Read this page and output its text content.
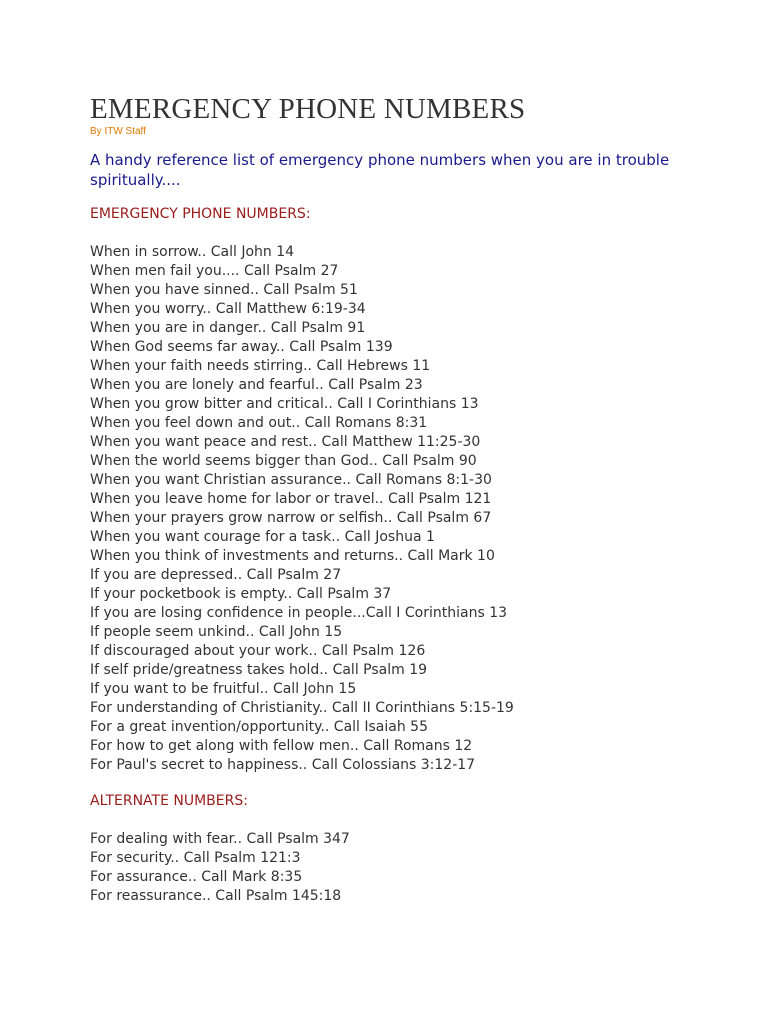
EMERGENCY PHONE NUMBERS
By ITW Staff
A handy reference list of emergency phone numbers when you are in trouble spiritually....
EMERGENCY PHONE NUMBERS:
When in sorrow.. Call John 14
When men fail you.... Call Psalm 27
When you have sinned.. Call Psalm 51
When you worry.. Call Matthew 6:19-34
When you are in danger.. Call Psalm 91
When God seems far away.. Call Psalm 139
When your faith needs stirring.. Call Hebrews 11
When you are lonely and fearful.. Call Psalm 23
When you grow bitter and critical.. Call I Corinthians 13
When you feel down and out.. Call Romans 8:31
When you want peace and rest.. Call Matthew 11:25-30
When the world seems bigger than God.. Call Psalm 90
When you want Christian assurance.. Call Romans 8:1-30
When you leave home for labor or travel.. Call Psalm 121
When your prayers grow narrow or selfish.. Call Psalm 67
When you want courage for a task.. Call Joshua 1
When you think of investments and returns.. Call Mark 10
If you are depressed.. Call Psalm 27
If your pocketbook is empty.. Call Psalm 37
If you are losing confidence in people...Call I Corinthians 13
If people seem unkind.. Call John 15
If discouraged about your work.. Call Psalm 126
If self pride/greatness takes hold.. Call Psalm 19
If you want to be fruitful.. Call John 15
For understanding of Christianity.. Call II Corinthians 5:15-19
For a great invention/opportunity.. Call Isaiah 55
For how to get along with fellow men.. Call Romans 12
For Paul's secret to happiness.. Call Colossians 3:12-17
ALTERNATE NUMBERS:
For dealing with fear.. Call Psalm 347
For security.. Call Psalm 121:3
For assurance.. Call Mark 8:35
For reassurance.. Call Psalm 145:18
